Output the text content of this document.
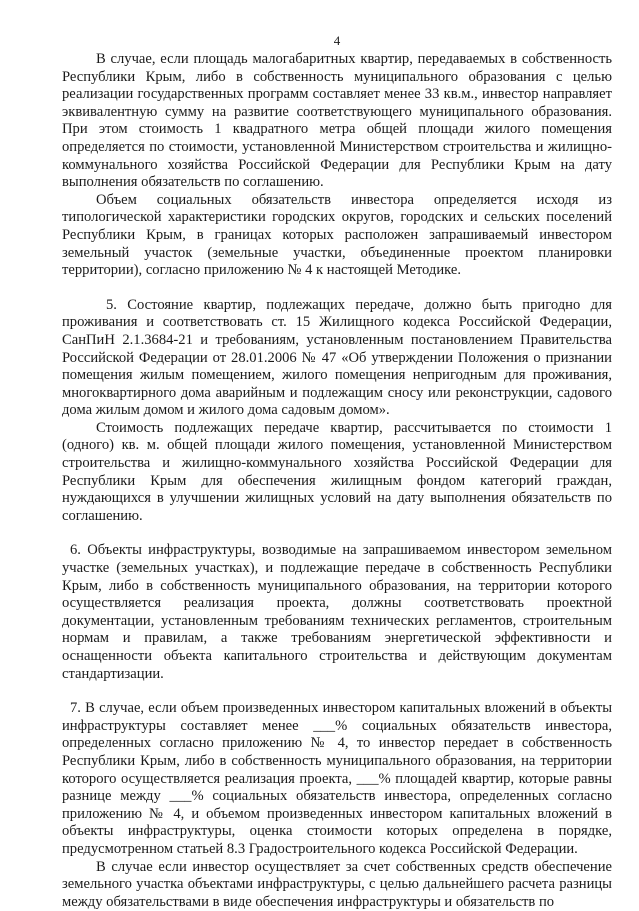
4

В случае, если площадь малогабаритных квартир, передаваемых в собственность Республики Крым, либо в собственность муниципального образования с целью реализации государственных программ составляет менее 33 кв.м., инвестор направляет эквивалентную сумму на развитие соответствующего муниципального образования. При этом стоимость 1 квадратного метра общей площади жилого помещения определяется по стоимости, установленной Министерством строительства и жилищно-коммунального хозяйства Российской Федерации для Республики Крым на дату выполнения обязательств по соглашению.

Объем социальных обязательств инвестора определяется исходя из типологической характеристики городских округов, городских и сельских поселений Республики Крым, в границах которых расположен запрашиваемый инвестором земельный участок (земельные участки, объединенные проектом планировки территории), согласно приложению № 4 к настоящей Методике.

5. Состояние квартир, подлежащих передаче, должно быть пригодно для проживания и соответствовать ст. 15 Жилищного кодекса Российской Федерации, СанПиН 2.1.3684-21 и требованиям, установленным постановлением Правительства Российской Федерации от 28.01.2006 № 47 «Об утверждении Положения о признании помещения жилым помещением, жилого помещения непригодным для проживания, многоквартирного дома аварийным и подлежащим сносу или реконструкции, садового дома жилым домом и жилого дома садовым домом».

Стоимость подлежащих передаче квартир, рассчитывается по стоимости 1 (одного) кв. м. общей площади жилого помещения, установленной Министерством строительства и жилищно-коммунального хозяйства Российской Федерации для Республики Крым для обеспечения жилищным фондом категорий граждан, нуждающихся в улучшении жилищных условий на дату выполнения обязательств по соглашению.

6. Объекты инфраструктуры, возводимые на запрашиваемом инвестором земельном участке (земельных участках), и подлежащие передаче в собственность Республики Крым, либо в собственность муниципального образования, на территории которого осуществляется реализация проекта, должны соответствовать проектной документации, установленным требованиям технических регламентов, строительным нормам и правилам, а также требованиям энергетической эффективности и оснащенности объекта капитального строительства и действующим документам стандартизации.

7. В случае, если объем произведенных инвестором капитальных вложений в объекты инфраструктуры составляет менее ___% социальных обязательств инвестора, определенных согласно приложению № 4, то инвестор передает в собственность Республики Крым, либо в собственность муниципального образования, на территории которого осуществляется реализация проекта, ___% площадей квартир, которые равны разнице между ___% социальных обязательств инвестора, определенных согласно приложению № 4, и объемом произведенных инвестором капитальных вложений в объекты инфраструктуры, оценка стоимости которых определена в порядке, предусмотренном статьей 8.3 Градостроительного кодекса Российской Федерации.

В случае если инвестор осуществляет за счет собственных средств обеспечение земельного участка объектами инфраструктуры, с целью дальнейшего расчета разницы между обязательствами в виде обеспечения инфраструктуры и обязательств по
